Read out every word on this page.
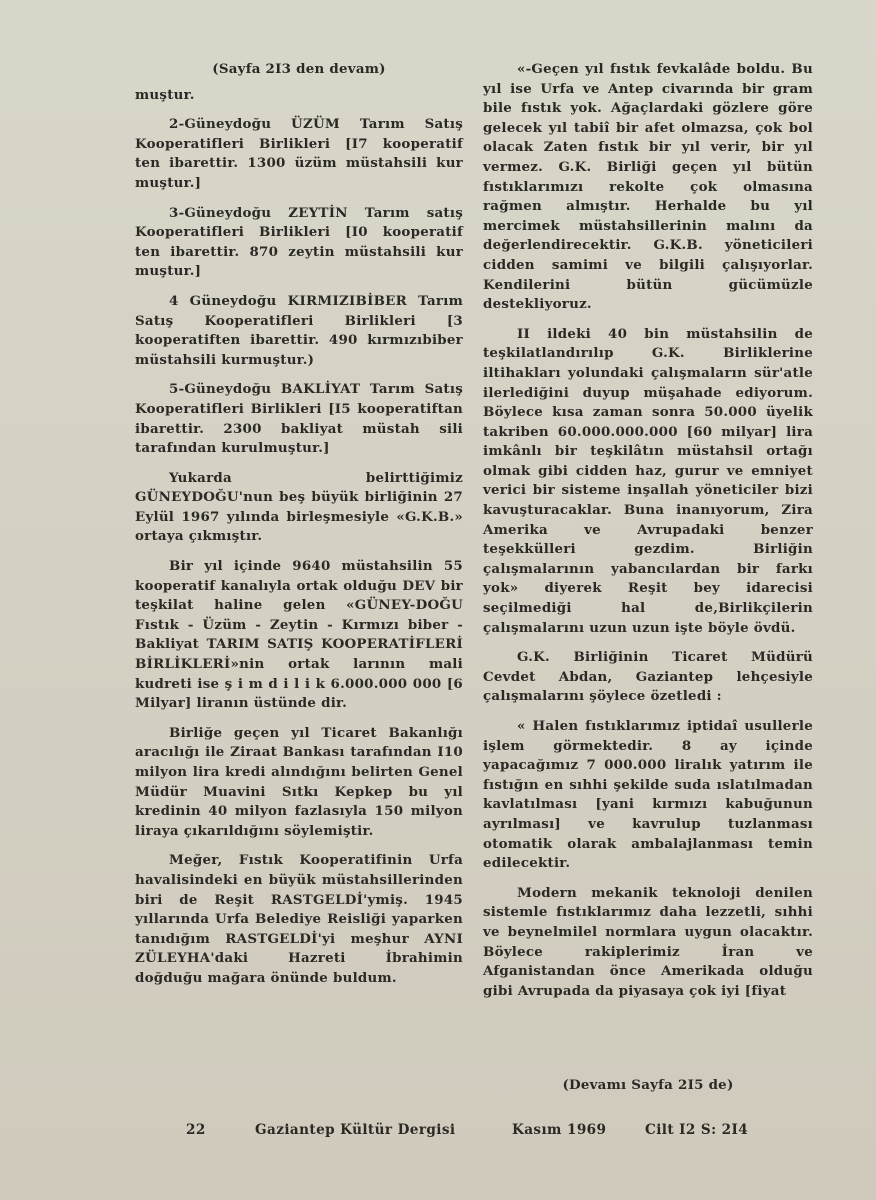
(Sayfa 2I3 den devam)

muştur.

2-Güneydoğu ÜZÜM Tarım Satış Kooperatifleri Birlikleri [I7 kooperatif ten ibarettir. 1300 üzüm müstahsili kur muştur.]

3-Güneydoğu ZEYTİN Tarım satış Kooperatifleri Birlikleri [I0 kooperatif ten ibarettir. 870 zeytin müstahsili kur muştur.]

4 Güneydoğu KIRMIZIBİBER Tarım Satış Kooperatifleri Birlikleri [3 kooperatiften ibarettir. 490 kırmızıbiber müstahsili kurmuştur.)

5-Güneydoğu BAKLİYAT Tarım Satış Kooperatifleri Birlikleri [I5 kooperatiftan ibarettir. 2300 bakliyat müstah sili tarafından kurulmuştur.]

Yukarda belirttiğimiz GÜNEYDOĞU'nun beş büyük birliğinin 27 Eylül 1967 yılında birleşmesiyle «G.K.B.» ortaya çıkmıştır.

Bir yıl içinde 9640 müstahsilin 55 kooperatif kanalıyla ortak olduğu DEV bir teşkilat haline gelen «GÜNEY-DOĞU Fıstık - Üzüm - Zeytin - Kırmızı biber - Bakliyat TARIM SATIŞ KOOPERATİFLERİ BİRLİKLERİ»nin ortak larının mali kudreti ise ş i m d i l i k 6.000.000 000 [6 Milyar] liranın üstünde dir.

Birliğe geçen yıl Ticaret Bakanlığı aracılığı ile Ziraat Bankası tarafından I10 milyon lira kredi alındığını belirten Genel Müdür Muavini Sıtkı Kepkep bu yıl kredinin 40 milyon fazlasıyla 150 milyon liraya çıkarıldığını söylemiştir.

Meğer, Fıstık Kooperatifinin Urfa havalisindeki en büyük müstahsillerinden biri de Reşit RASTGELDİ'ymiş. 1945 yıllarında Urfa Belediye Reisliği yaparken tanıdığım RASTGELDİ'yi meşhur AYNI ZÜLEYHA'daki Hazreti İbrahimin doğduğu mağara önünde buldum.

«-Geçen yıl fıstık fevkalâde boldu. Bu yıl ise Urfa ve Antep civarında bir gram bile fıstık yok. Ağaçlardaki gözlere göre gelecek yıl tabiî bir afet olmazsa, çok bol olacak Zaten fıstık bir yıl verir, bir yıl vermez. G.K. Birliği geçen yıl bütün fıstıklarımızı rekolte çok olmasına rağmen almıştır. Herhalde bu yıl mercimek müstahsillerinin malını da değerlendirecektir. G.K.B. yöneticileri cidden samimi ve bilgili çalışıyorlar. Kendilerini bütün gücümüzle destekliyoruz.

II ildeki 40 bin müstahsilin de teşkilatlandırılıp G.K. Birliklerine iltihakları yolundaki çalışmaların sür'atle ilerlediğini duyup müşahade ediyorum. Böylece kısa zaman sonra 50.000 üyelik takriben 60.000.000.000 [60 milyar] lira imkânlı bir teşkilâtın müstahsil ortağı olmak gibi cidden haz, gurur ve emniyet verici bir sisteme inşallah yöneticiler bizi kavuşturacaklar. Buna inanıyorum, Zira Amerika ve Avrupadaki benzer teşekkülleri gezdim. Birliğin çalışmalarının yabancılardan bir farkı yok» diyerek Reşit bey idarecisi seçilmediği hal de,Birlikçilerin çalışmalarını uzun uzun işte böyle övdü.

G.K. Birliğinin Ticaret Müdürü Cevdet Abdan, Gaziantep lehçesiyle çalışmalarını şöylece özetledi :

« Halen fıstıklarımız iptidaî usullerle işlem görmektedir. 8 ay içinde yapacağımız 7 000.000 liralık yatırım ile fıstığın en sıhhi şekilde suda ıslatılmadan kavlatılması [yani kırmızı kabuğunun ayrılması] ve kavrulup tuzlanması otomatik olarak ambalajlanması temin edilecektir.

Modern mekanik teknoloji denilen sistemle fıstıklarımız daha lezzetli, sıhhi ve beynelmilel normlara uygun olacaktır. Böylece rakiplerimiz İran ve Afganistandan önce Amerikada olduğu gibi Avrupada da piyasaya çok iyi [fiyat

(Devamı Sayfa 2I5 de)
22	Gaziantep Kültür Dergisi	Kasım 1969	Cilt I2 S: 2I4
